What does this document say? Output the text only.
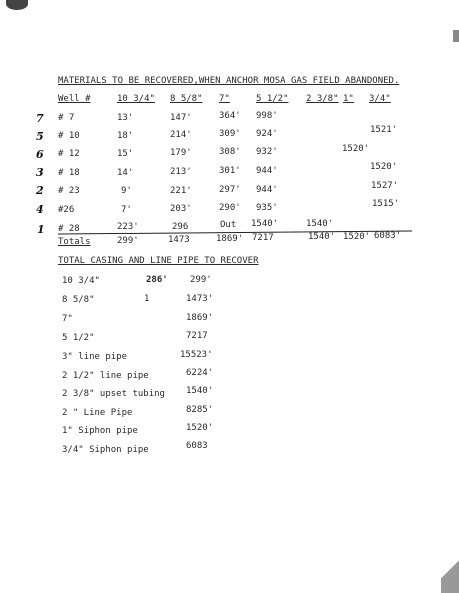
MATERIALS TO BE RECOVERED,WHEN ANCHOR MOSA GAS FIELD ABANDONED.
Well #	10 3/4" 8 5/8" 7"	5 1/2" 2 3/8" 1" 3/4"
7 # 7	13'	147'	364' 998'
5 # 10	18'	214'	309' 924'	1521'
6 # 12	15'	179'	308' 932'	1520'
3 # 18	14'	213'	301' 944'	1520'
2 # 23	9'	221'	297' 944'	1527'
4 #26	7'	203'	290' 935'	1515'
1 # 28	223'	296	Out 1540'	1540'
Totals	299'	1473	1869' 7217	1540' 1520' 6083'
TOTAL CASING AND LINE PIPE TO RECOVER
10 3/4"	286' 299'
8 5/8"	1	1473'
7"	1869'
5 1/2"	7217
3" line pipe	15523'
2 1/2" line pipe	6224'
2 3/8" upset tubing 1540'
2 " Line Pipe	8285'
1" Siphon pipe	1520'
3/4" Siphon pipe	6083
